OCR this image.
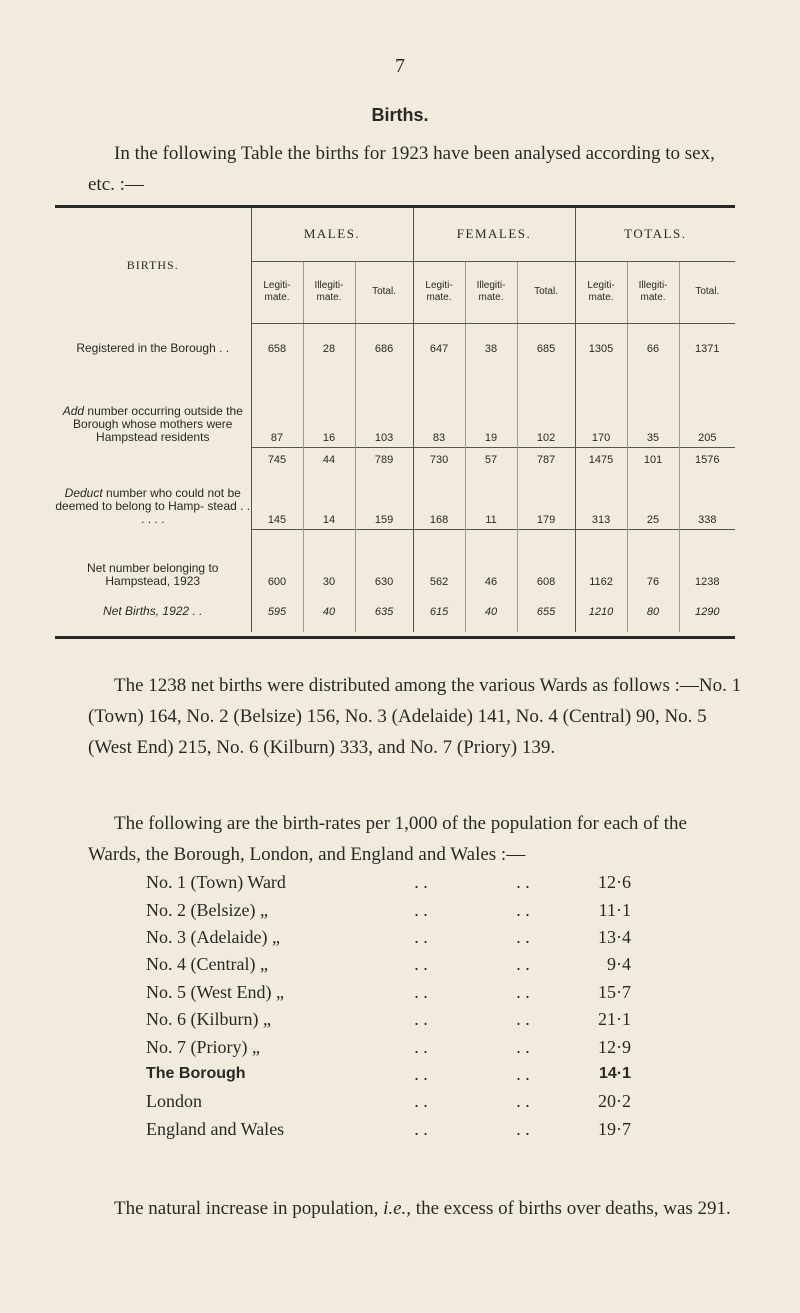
7
Births.
In the following Table the births for 1923 have been analysed according to sex, etc. :—
BIRTHS.	MALES.			FEMALES.			TOTALS.		
	Legiti- mate.	Illegiti- mate.	Total.	Legiti- mate.	Illegiti- mate.	Total.	Legiti- mate.	Illegiti- mate.	Total.
Registered in the Borough . .	658	28	686	647	38	685	1305	66	1371
Add number occurring outside the Borough whose mothers were Hampstead residents	87	16	103	83	19	102	170	35	205
	745	44	789	730	57	787	1475	101	1576
Deduct number who could not be deemed to belong to Hamp- stead . . . . . .	145	14	159	168	11	179	313	25	338
Net number belonging to Hampstead, 1923	600	30	630	562	46	608	1162	76	1238
Net Births, 1922 . .	595	40	635	615	40	655	1210	80	1290
The 1238 net births were distributed among the various Wards as follows :—No. 1 (Town) 164, No. 2 (Belsize) 156, No. 3 (Adelaide) 141, No. 4 (Central) 90, No. 5 (West End) 215, No. 6 (Kilburn) 333, and No. 7 (Priory) 139.
The following are the birth-rates per 1,000 of the population for each of the Wards, the Borough, London, and England and Wales :—
No. 1 (Town) Ward	. .	. .	12·6
No. 2 (Belsize) „	. .	. .	11·1
No. 3 (Adelaide) „	. .	. .	13·4
No. 4 (Central) „	. .	. .	9·4
No. 5 (West End) „	. .	. .	15·7
No. 6 (Kilburn) „	. .	. .	21·1
No. 7 (Priory) „	. .	. .	12·9
The Borough	. .	. .	14·1
London	. .	. .	20·2
England and Wales	. .	. .	19·7
The natural increase in population, i.e., the excess of births over deaths, was 291.
